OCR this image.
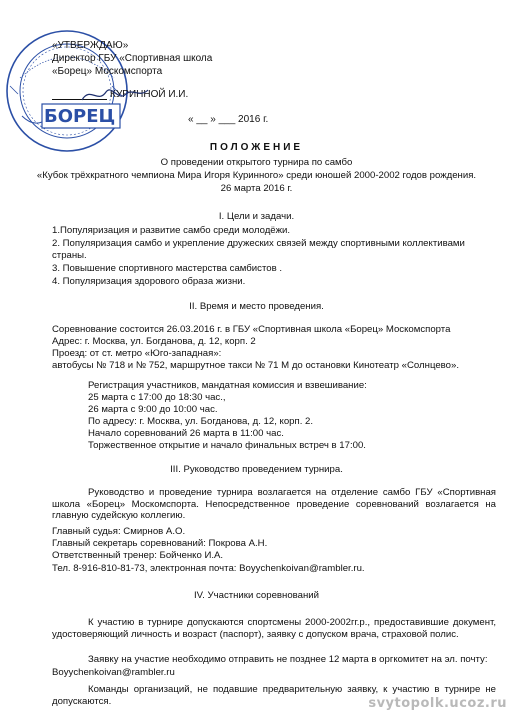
БОРЕЦ
«УТВЕРЖДАЮ»
Директор ГБУ «Спортивная школа
«Борец» Москомспорта
КУРИННОЙ И.И.
« __ » ___ 2016 г.
ПОЛОЖЕНИЕ
О проведении открытого турнира по самбо
«Кубок трёхкратного чемпиона Мира Игоря Куринного» среди юношей 2000-2002 годов рождения.
26 марта 2016 г.
I. Цели и задачи.
1.Популяризация и развитие самбо среди молодёжи.
2. Популяризация самбо и укрепление дружеских связей между спортивными коллективами
страны.
3. Повышение спортивного мастерства самбистов .
4. Популяризация здорового образа жизни.
II. Время и место проведения.
Соревнование состоится 26.03.2016 г. в ГБУ «Спортивная школа «Борец» Москомспорта
Адрес: г. Москва, ул. Богданова, д. 12, корп. 2
Проезд: от ст. метро «Юго-западная»:
автобусы № 718 и № 752, маршрутное такси № 71 М до остановки Кинотеатр «Солнцево».
Регистрация участников, мандатная комиссия и взвешивание:
25 марта с 17:00 до 18:30 час.,
26 марта с 9:00 до 10:00 час.
По адресу: г. Москва, ул. Богданова, д. 12, корп. 2.
Начало соревнований 26 марта в 11:00 час.
Торжественное открытие и начало финальных встреч в 17:00.
III. Руководство проведением турнира.
Руководство и проведение турнира возлагается на отделение самбо ГБУ «Спортивная школа «Борец» Москомспорта. Непосредственное проведение соревнований возлагается на главную судейскую коллегию.
Главный судья: Смирнов А.О.
Главный секретарь соревнований: Покрова А.Н.
Ответственный тренер: Бойченко И.А.
Тел. 8-916-810-81-73, электронная почта: Boyychenkoivan@rambler.ru.
IV. Участники соревнований
К участию в турнире допускаются спортсмены 2000-2002гг.р., предоставившие документ, удостоверяющий личность и возраст (паспорт), заявку с допуском врача, страховой полис.
Заявку на участие необходимо отправить не позднее 12 марта в оргкомитет на эл. почту:
Boyychenkoivan@rambler.ru
Команды организаций, не подавшие предварительную заявку, к участию в турнире не допускаются.	svytopolk.ucoz.ru
